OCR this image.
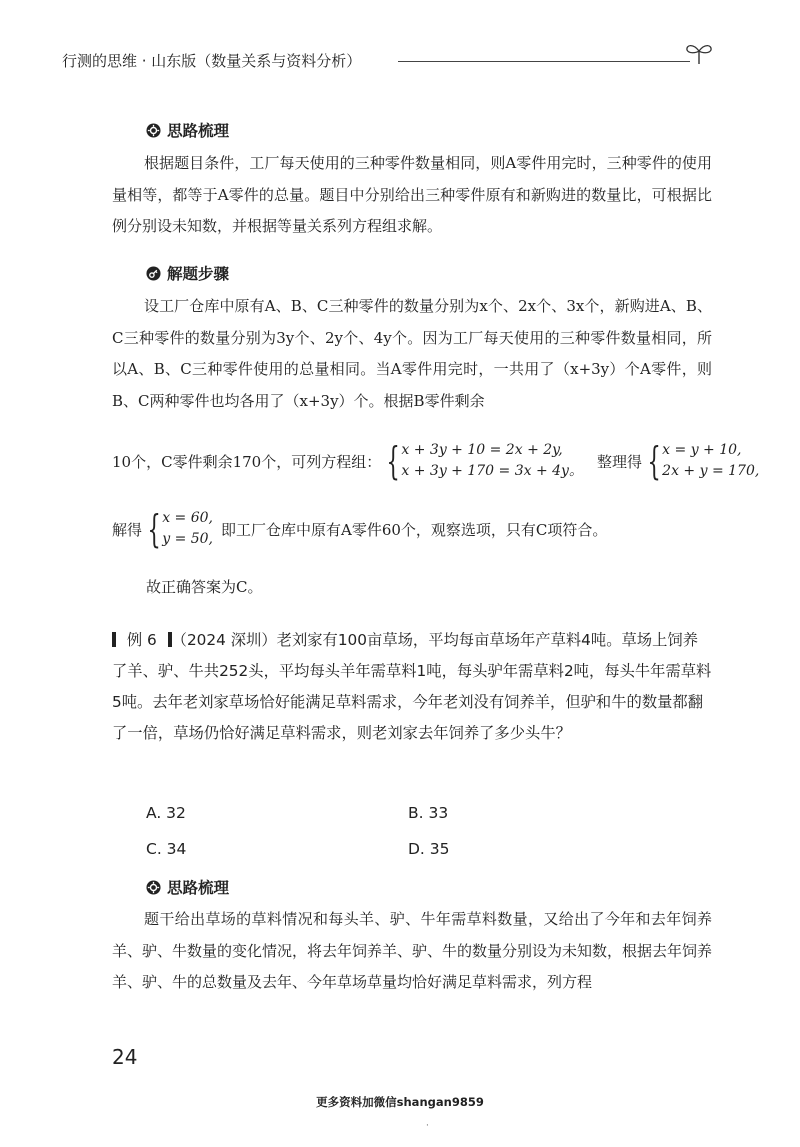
行测的思维 · 山东版（数量关系与资料分析）
思路梳理

根据题目条件，工厂每天使用的三种零件数量相同，则A零件用完时，三种零件的使用量相等，都等于A零件的总量。题目中分别给出三种零件原有和新购进的数量比，可根据比例分别设未知数，并根据等量关系列方程组求解。

解题步骤

设工厂仓库中原有A、B、C三种零件的数量分别为x个、2x个、3x个，新购进A、B、C三种零件的数量分别为3y个、2y个、4y个。因为工厂每天使用的三种零件数量相同，所以A、B、C三种零件使用的总量相同。当A零件用完时，一共用了（x+3y）个A零件，则B、C两种零件也均各用了（x+3y）个。根据B零件剩余

10个，C零件剩余170个，可列方程组： { x + 3y + 10 = 2x + 2y,
x + 3y + 170 = 3x + 4y。
整理得 { x = y + 10,
2x + y = 170,
解得 { x = 60,
y = 50,
即工厂仓库中原有A零件60个，观察选项，只有C项符合。
故正确答案为C。

例 6 （2024 深圳）老刘家有100亩草场，平均每亩草场年产草料4吨。草场上饲养了羊、驴、牛共252头，平均每头羊年需草料1吨，每头驴年需草料2吨，每头牛年需草料5吨。去年老刘家草场恰好能满足草料需求，今年老刘没有饲养羊，但驴和牛的数量都翻了一倍，草场仍恰好满足草料需求，则老刘家去年饲养了多少头牛？

A. 32	B. 33
C. 34	D. 35
思路梳理

题干给出草场的草料情况和每头羊、驴、牛年需草料数量，又给出了今年和去年饲养羊、驴、牛数量的变化情况，将去年饲养羊、驴、牛的数量分别设为未知数，根据去年饲养羊、驴、牛的总数量及去年、今年草场草量均恰好满足草料需求，列方程

24
更多资料加微信shangan9859
·
